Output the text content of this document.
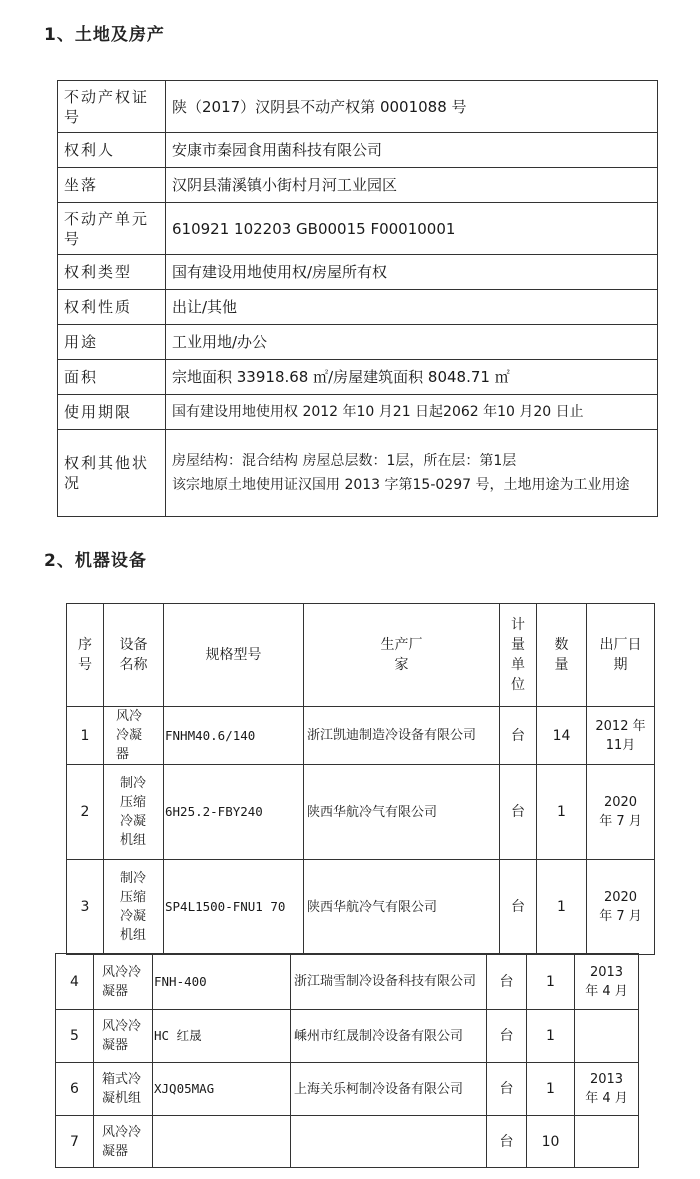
1、土地及房产
不动产权证号	陕（2017）汉阴县不动产权第 0001088 号
权利人	安康市秦园食用菌科技有限公司
坐落	汉阴县蒲溪镇小街村月河工业园区
不动产单元号	610921 102203 GB00015 F00010001
权利类型	国有建设用地使用权/房屋所有权
权利性质	出让/其他
用途	工业用地/办公
面积	宗地面积 33918.68 ㎡/房屋建筑面积 8048.71 ㎡
使用期限	国有建设用地使用权 2012 年10 月21 日起2062 年10 月20 日止
权利其他状况	房屋结构：混合结构 房屋总层数：1层，所在层：第1层
该宗地原土地使用证汉国用 2013 字第15-0297 号，土地用途为工业用途
2、机器设备
序号	设备名称	规格型号	生产厂家	计量单位	数量	出厂日期
1	风冷冷凝器	FNHM40.6/140	浙江凯迪制造冷设备有限公司	台	14	2012 年 11月
2	制冷压缩冷凝机组	6H25.2-FBY240	陕西华航冷气有限公司	台	1	2020 年 7 月
3	制冷压缩冷凝机组	SP4L1500-FNU1 70	陕西华航冷气有限公司	台	1	2020 年 7 月
4	风冷冷凝器	FNH-400	浙江瑞雪制冷设备科技有限公司	台	1	2013 年 4 月
5	风冷冷凝器	HC 红晟	嵊州市红晟制冷设备有限公司	台	1	
6	箱式冷凝机组	XJQ05MAG	上海关乐柯制冷设备有限公司	台	1	2013 年 4 月
7	风冷冷凝器			台	10	
